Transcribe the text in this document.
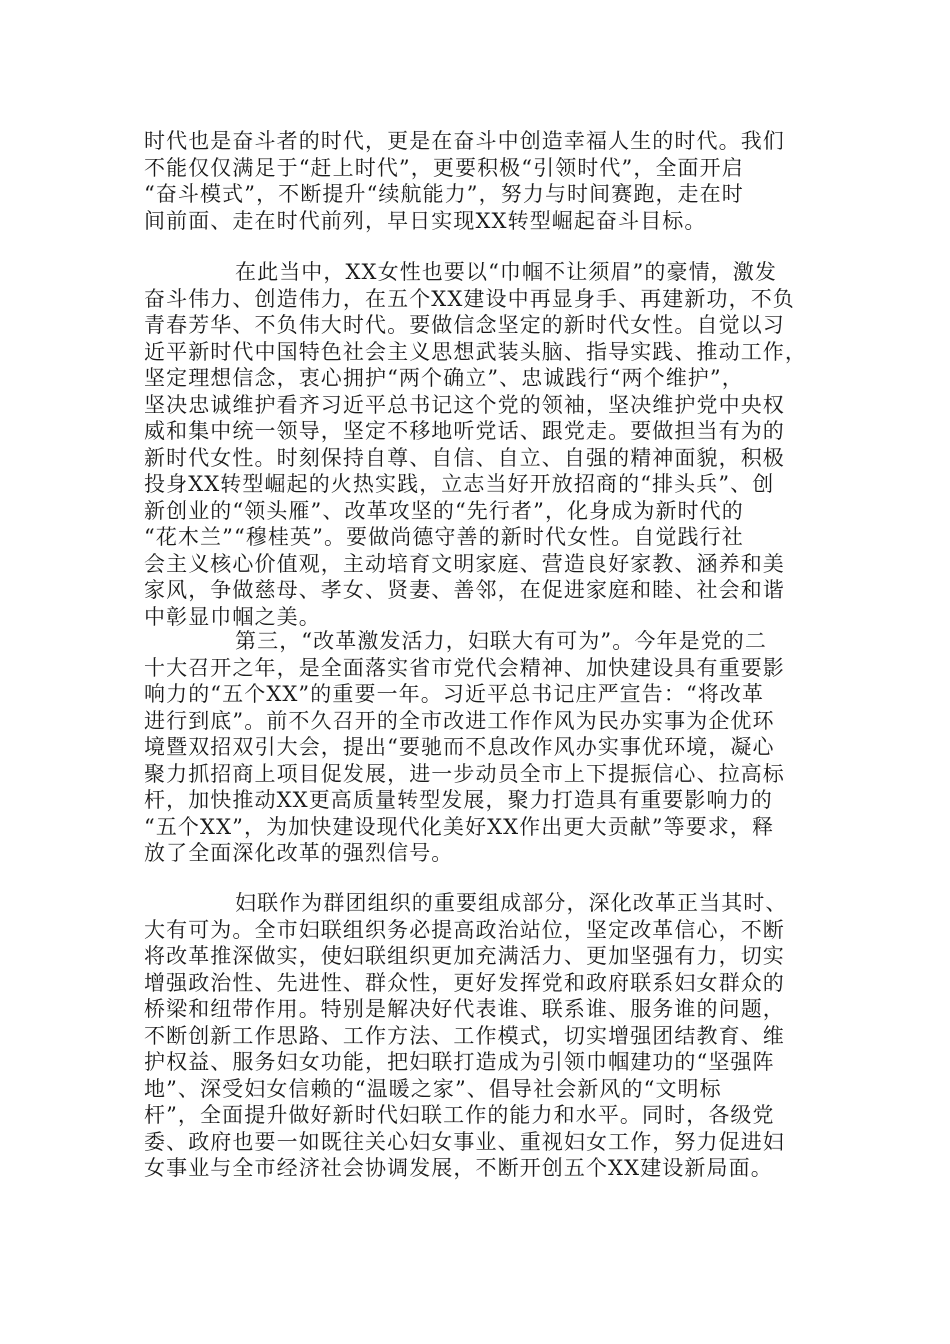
时代也是奋斗者的时代，更是在奋斗中创造幸福人生的时代。我们
不能仅仅满足于“赶上时代”，更要积极“引领时代”，全面开启
“奋斗模式”，不断提升“续航能力”，努力与时间赛跑，走在时
间前面、走在时代前列，早日实现XX转型崛起奋斗目标。
在此当中，XX女性也要以“巾帼不让须眉”的豪情，激发
奋斗伟力、创造伟力，在五个XX建设中再显身手、再建新功，不负
青春芳华、不负伟大时代。要做信念坚定的新时代女性。自觉以习
近平新时代中国特色社会主义思想武装头脑、指导实践、推动工作，
坚定理想信念，衷心拥护“两个确立”、忠诚践行“两个维护”，
坚决忠诚维护看齐习近平总书记这个党的领袖，坚决维护党中央权
威和集中统一领导，坚定不移地听党话、跟党走。要做担当有为的
新时代女性。时刻保持自尊、自信、自立、自强的精神面貌，积极
投身XX转型崛起的火热实践，立志当好开放招商的“排头兵”、创
新创业的“领头雁”、改革攻坚的“先行者”，化身成为新时代的
“花木兰”“穆桂英”。要做尚德守善的新时代女性。自觉践行社
会主义核心价值观，主动培育文明家庭、营造良好家教、涵养和美
家风，争做慈母、孝女、贤妻、善邻，在促进家庭和睦、社会和谐
中彰显巾帼之美。
第三，“改革激发活力，妇联大有可为”。今年是党的二
十大召开之年，是全面落实省市党代会精神、加快建设具有重要影
响力的“五个XX”的重要一年。习近平总书记庄严宣告：“将改革
进行到底”。前不久召开的全市改进工作作风为民办实事为企优环
境暨双招双引大会，提出“要驰而不息改作风办实事优环境，凝心
聚力抓招商上项目促发展，进一步动员全市上下提振信心、拉高标
杆，加快推动XX更高质量转型发展，聚力打造具有重要影响力的
“五个XX”，为加快建设现代化美好XX作出更大贡献”等要求，释
放了全面深化改革的强烈信号。
妇联作为群团组织的重要组成部分，深化改革正当其时、
大有可为。全市妇联组织务必提高政治站位，坚定改革信心，不断
将改革推深做实，使妇联组织更加充满活力、更加坚强有力，切实
增强政治性、先进性、群众性，更好发挥党和政府联系妇女群众的
桥梁和纽带作用。特别是解决好代表谁、联系谁、服务谁的问题，
不断创新工作思路、工作方法、工作模式，切实增强团结教育、维
护权益、服务妇女功能，把妇联打造成为引领巾帼建功的“坚强阵
地”、深受妇女信赖的“温暖之家”、倡导社会新风的“文明标
杆”，全面提升做好新时代妇联工作的能力和水平。同时，各级党
委、政府也要一如既往关心妇女事业、重视妇女工作，努力促进妇
女事业与全市经济社会协调发展，不断开创五个XX建设新局面。
